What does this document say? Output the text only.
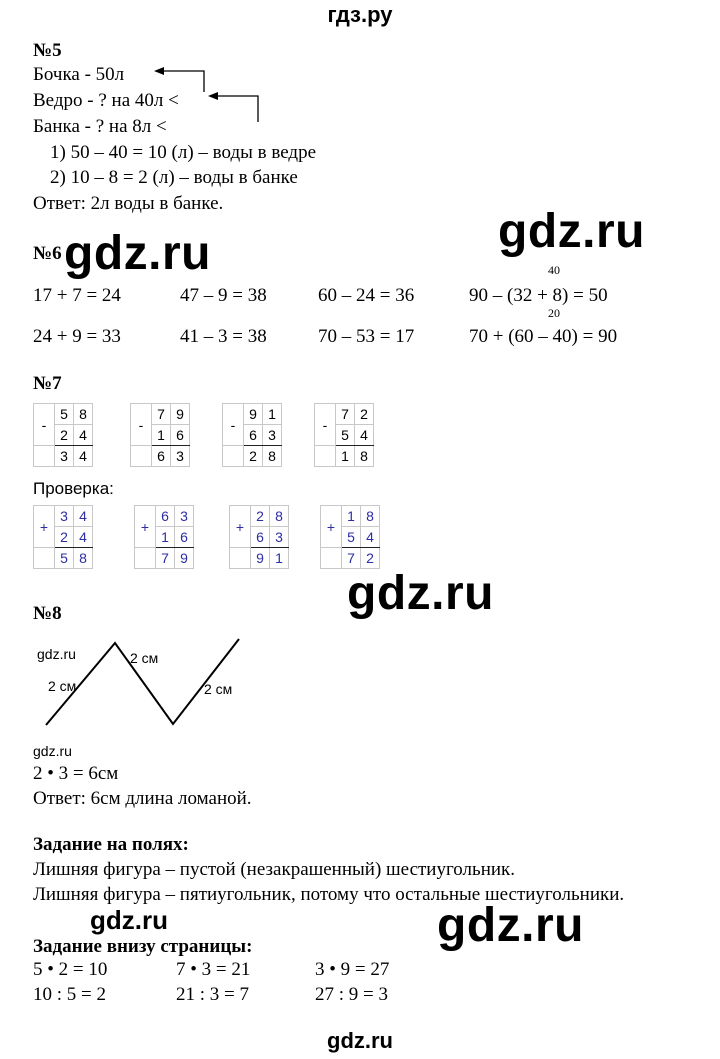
гдз.ру
№5
Бочка - 50л
Ведро - ? на 40л <
Банка - ? на 8л <
1) 50 – 40 = 10 (л) – воды в ведре
2) 10 – 8 = 2 (л) – воды в банке
Ответ: 2л воды в банке.
gdz.ru
gdz.ru
№6
40
17 + 7 = 24	47 – 9 = 38	60 – 24 = 36	90 – (32 + 8) = 50
20
24 + 9 = 33	41 – 3 = 38	70 – 53 = 17	70 + (60 – 40) = 90
№7
-	5	8
	2	4
	3	4
-	7	9
	1	6
	6	3
-	9	1
	6	3
	2	8
-	7	2
	5	4
	1	8
Проверка:
+	3	4
	2	4
	5	8
+	6	3
	1	6
	7	9
+	2	8
	6	3
	9	1
+	1	8
	5	4
	7	2
gdz.ru
№8
gdz.ru
2 см
2 см
2 см
gdz.ru
2 • 3 = 6см
Ответ: 6см длина ломаной.
Задание на полях:
Лишняя фигура – пустой (незакрашенный) шестиугольник.
Лишняя фигура – пятиугольник, потому что остальные шестиугольники.
gdz.ru	gdz.ru
Задание внизу страницы:
5 • 2 = 10	7 • 3 = 21	3 • 9 = 27
10 : 5 = 2	21 : 3 = 7	27 : 9 = 3
gdz.ru
